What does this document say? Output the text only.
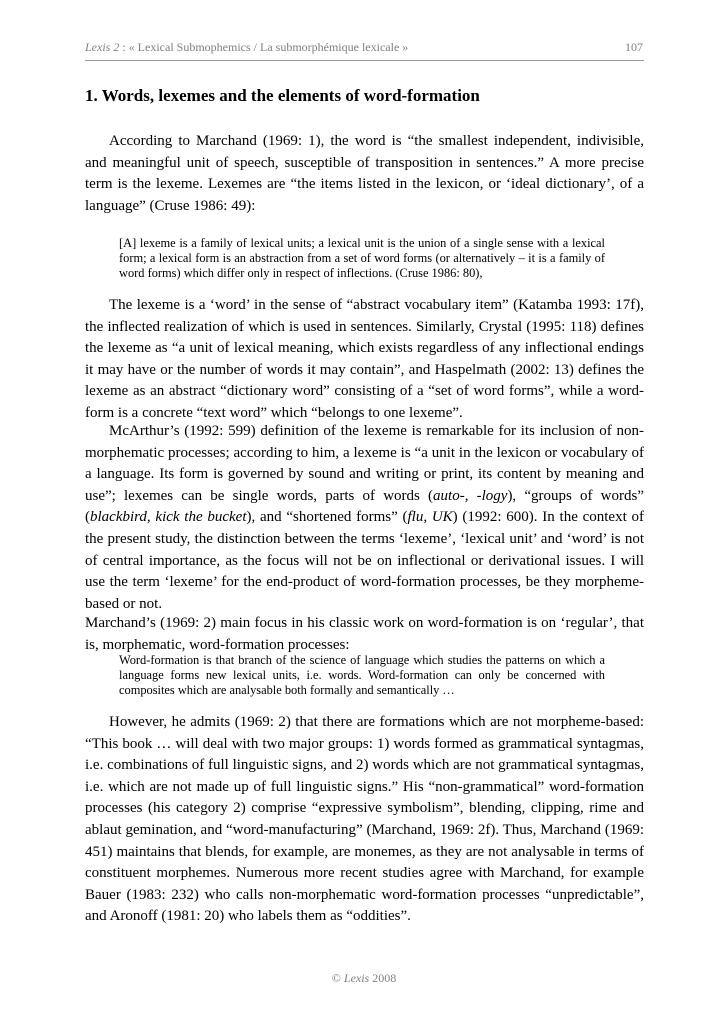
Lexis 2 : « Lexical Submophemics / La submorphémique lexicale »	107
1. Words, lexemes and the elements of word-formation

According to Marchand (1969: 1), the word is “the smallest independent, indivisible, and meaningful unit of speech, susceptible of transposition in sentences.” A more precise term is the lexeme. Lexemes are “the items listed in the lexicon, or ‘ideal dictionary’, of a language” (Cruse 1986: 49):

[A] lexeme is a family of lexical units; a lexical unit is the union of a single sense with a lexical form; a lexical form is an abstraction from a set of word forms (or alternatively – it is a family of word forms) which differ only in respect of inflections. (Cruse 1986: 80),

The lexeme is a ‘word’ in the sense of “abstract vocabulary item” (Katamba 1993: 17f), the inflected realization of which is used in sentences. Similarly, Crystal (1995: 118) defines the lexeme as “a unit of lexical meaning, which exists regardless of any inflectional endings it may have or the number of words it may contain”, and Haspelmath (2002: 13) defines the lexeme as an abstract “dictionary word” consisting of a “set of word forms”, while a word-form is a concrete “text word” which “belongs to one lexeme”.

McArthur’s (1992: 599) definition of the lexeme is remarkable for its inclusion of non-morphematic processes; according to him, a lexeme is “a unit in the lexicon or vocabulary of a language. Its form is governed by sound and writing or print, its content by meaning and use”; lexemes can be single words, parts of words (auto-, -logy), “groups of words” (blackbird, kick the bucket), and “shortened forms” (flu, UK) (1992: 600). In the context of the present study, the distinction between the terms ‘lexeme’, ‘lexical unit’ and ‘word’ is not of central importance, as the focus will not be on inflectional or derivational issues. I will use the term ‘lexeme’ for the end-product of word-formation processes, be they morpheme-based or not.

Marchand’s (1969: 2) main focus in his classic work on word-formation is on ‘regular’, that is, morphematic, word-formation processes:

Word-formation is that branch of the science of language which studies the patterns on which a language forms new lexical units, i.e. words. Word-formation can only be concerned with composites which are analysable both formally and semantically …

However, he admits (1969: 2) that there are formations which are not morpheme-based: “This book … will deal with two major groups: 1) words formed as grammatical syntagmas, i.e. combinations of full linguistic signs, and 2) words which are not grammatical syntagmas, i.e. which are not made up of full linguistic signs.” His “non-grammatical” word-formation processes (his category 2) comprise “expressive symbolism”, blending, clipping, rime and ablaut gemination, and “word-manufacturing” (Marchand, 1969: 2f). Thus, Marchand (1969: 451) maintains that blends, for example, are monemes, as they are not analysable in terms of constituent morphemes. Numerous more recent studies agree with Marchand, for example Bauer (1983: 232) who calls non-morphematic word-formation processes “unpredictable”, and Aronoff (1981: 20) who labels them as “oddities”.

© Lexis 2008
